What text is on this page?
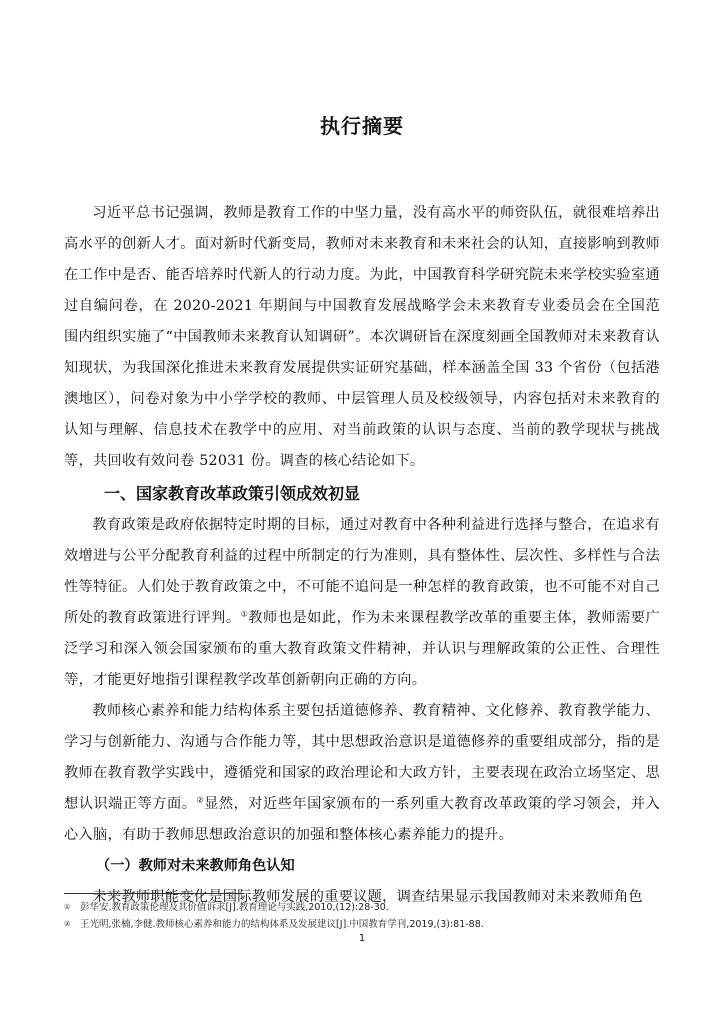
执行摘要

习近平总书记强调，教师是教育工作的中坚力量，没有高水平的师资队伍，就很难培养出高水平的创新人才。面对新时代新变局，教师对未来教育和未来社会的认知，直接影响到教师在工作中是否、能否培养时代新人的行动力度。为此，中国教育科学研究院未来学校实验室通过自编问卷，在 2020-2021 年期间与中国教育发展战略学会未来教育专业委员会在全国范围内组织实施了“中国教师未来教育认知调研”。本次调研旨在深度刻画全国教师对未来教育认知现状，为我国深化推进未来教育发展提供实证研究基础，样本涵盖全国 33 个省份（包括港澳地区），问卷对象为中小学学校的教师、中层管理人员及校级领导，内容包括对未来教育的认知与理解、信息技术在教学中的应用、对当前政策的认识与态度、当前的教学现状与挑战等，共回收有效问卷 52031 份。调查的核心结论如下。

一、国家教育改革政策引领成效初显

教育政策是政府依据特定时期的目标，通过对教育中各种利益进行选择与整合，在追求有效增进与公平分配教育利益的过程中所制定的行为准则，具有整体性、层次性、多样性与合法性等特征。人们处于教育政策之中，不可能不追问是一种怎样的教育政策，也不可能不对自己所处的教育政策进行评判。①教师也是如此，作为未来课程教学改革的重要主体，教师需要广泛学习和深入领会国家颁布的重大教育政策文件精神，并认识与理解政策的公正性、合理性等，才能更好地指引课程教学改革创新朝向正确的方向。

教师核心素养和能力结构体系主要包括道德修养、教育精神、文化修养、教育教学能力、学习与创新能力、沟通与合作能力等，其中思想政治意识是道德修养的重要组成部分，指的是教师在教育教学实践中，遵循党和国家的政治理论和大政方针，主要表现在政治立场坚定、思想认识端正等方面。②显然，对近些年国家颁布的一系列重大教育改革政策的学习领会，并入心入脑，有助于教师思想政治意识的加强和整体核心素养能力的提升。

（一）教师对未来教师角色认知

未来教师职能变化是国际教师发展的重要议题，调查结果显示我国教师对未来教师角色

① 彭华安.教育政策伦理及其价值诉求[J].教育理论与实践,2010,(12):28-30.
② 王光明,张楠,李健.教师核心素养和能力的结构体系及发展建议[J].中国教育学刊,2019,(3):81-88.
1
